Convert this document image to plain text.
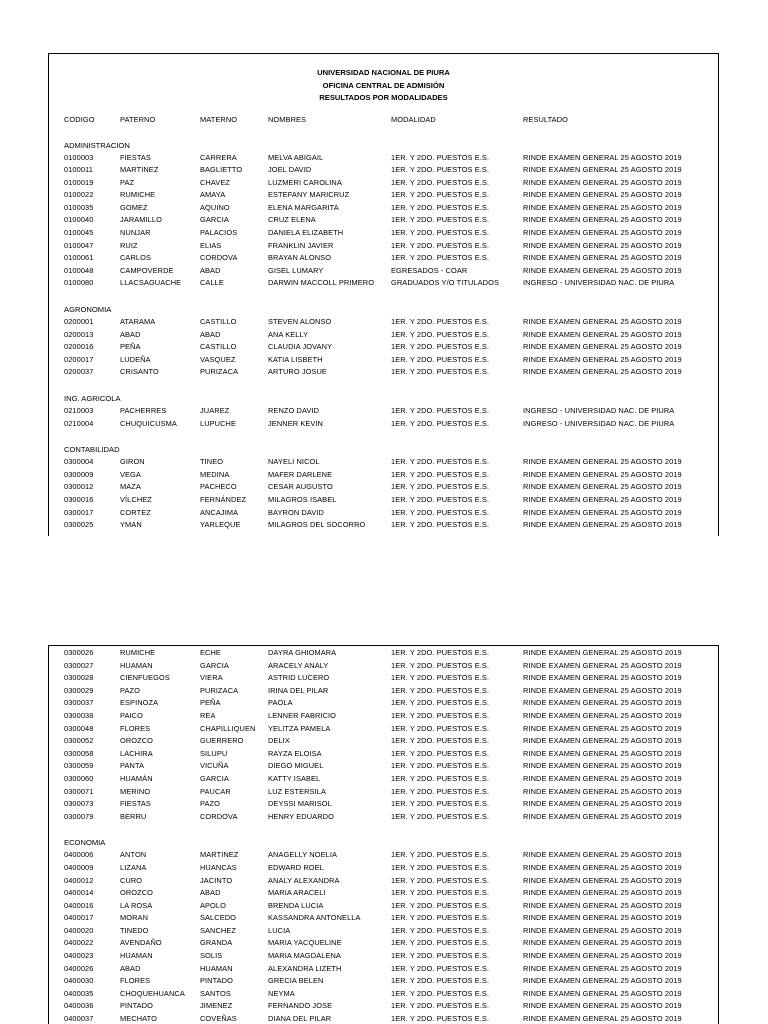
UNIVERSIDAD NACIONAL DE PIURA
OFICINA CENTRAL DE ADMISIÓN
RESULTADOS POR MODALIDADES
CODIGO	PATERNO	MATERNO	NOMBRES	MODALIDAD	RESULTADO
ADMINISTRACION
0100003	FIESTAS	CARRERA	MELVA ABIGAIL	1ER. Y 2DO. PUESTOS E.S.	RINDE EXAMEN GENERAL 25 AGOSTO 2019
0100011	MARTINEZ	BAGLIETTO	JOEL DAVID	1ER. Y 2DO. PUESTOS E.S.	RINDE EXAMEN GENERAL 25 AGOSTO 2019
0100019	PAZ	CHAVEZ	LUZMERI CAROLINA	1ER. Y 2DO. PUESTOS E.S.	RINDE EXAMEN GENERAL 25 AGOSTO 2019
0100022	RUMICHE	AMAYA	ESTEFANY MARICRUZ	1ER. Y 2DO. PUESTOS E.S.	RINDE EXAMEN GENERAL 25 AGOSTO 2019
0100035	GOMEZ	AQUINO	ELENA MARGARITA	1ER. Y 2DO. PUESTOS E.S.	RINDE EXAMEN GENERAL 25 AGOSTO 2019
0100040	JARAMILLO	GARCIA	CRUZ ELENA	1ER. Y 2DO. PUESTOS E.S.	RINDE EXAMEN GENERAL 25 AGOSTO 2019
0100045	NUNJAR	PALACIOS	DANIELA ELIZABETH	1ER. Y 2DO. PUESTOS E.S.	RINDE EXAMEN GENERAL 25 AGOSTO 2019
0100047	RUIZ	ELIAS	FRANKLIN JAVIER	1ER. Y 2DO. PUESTOS E.S.	RINDE EXAMEN GENERAL 25 AGOSTO 2019
0100061	CARLOS	CORDOVA	BRAYAN ALONSO	1ER. Y 2DO. PUESTOS E.S.	RINDE EXAMEN GENERAL 25 AGOSTO 2019
0100048	CAMPOVERDE	ABAD	GISEL LUMARY	EGRESADOS - COAR	RINDE EXAMEN GENERAL 25 AGOSTO 2019
0100080	LLACSAGUACHE	CALLE	DARWIN MACCOLL PRIMERO	GRADUADOS Y/O TITULADOS	INGRESO - UNIVERSIDAD NAC. DE PIURA
AGRONOMIA
0200001	ATARAMA	CASTILLO	STEVEN ALONSO	1ER. Y 2DO. PUESTOS E.S.	RINDE EXAMEN GENERAL 25 AGOSTO 2019
0200013	ABAD	ABAD	ANA KELLY	1ER. Y 2DO. PUESTOS E.S.	RINDE EXAMEN GENERAL 25 AGOSTO 2019
0200016	PEÑA	CASTILLO	CLAUDIA JOVANY	1ER. Y 2DO. PUESTOS E.S.	RINDE EXAMEN GENERAL 25 AGOSTO 2019
0200017	LUDEÑA	VASQUEZ	KATIA LISBETH	1ER. Y 2DO. PUESTOS E.S.	RINDE EXAMEN GENERAL 25 AGOSTO 2019
0200037	CRISANTO	PURIZACA	ARTURO JOSUE	1ER. Y 2DO. PUESTOS E.S.	RINDE EXAMEN GENERAL 25 AGOSTO 2019
ING. AGRICOLA
0210003	PACHERRES	JUAREZ	RENZO DAVID	1ER. Y 2DO. PUESTOS E.S.	INGRESO - UNIVERSIDAD NAC. DE PIURA
0210004	CHUQUICUSMA	LUPUCHE	JENNER KEVIN	1ER. Y 2DO. PUESTOS E.S.	INGRESO - UNIVERSIDAD NAC. DE PIURA
CONTABILIDAD
0300004	GIRON	TINEO	NAYELI NICOL	1ER. Y 2DO. PUESTOS E.S.	RINDE EXAMEN GENERAL 25 AGOSTO 2019
0300009	VEGA	MEDINA	MAFER DARLENE	1ER. Y 2DO. PUESTOS E.S.	RINDE EXAMEN GENERAL 25 AGOSTO 2019
0300012	MAZA	PACHECO	CESAR AUGUSTO	1ER. Y 2DO. PUESTOS E.S.	RINDE EXAMEN GENERAL 25 AGOSTO 2019
0300016	VÍLCHEZ	FERNÁNDEZ	MILAGROS ISABEL	1ER. Y 2DO. PUESTOS E.S.	RINDE EXAMEN GENERAL 25 AGOSTO 2019
0300017	CORTEZ	ANCAJIMA	BAYRON DAVID	1ER. Y 2DO. PUESTOS E.S.	RINDE EXAMEN GENERAL 25 AGOSTO 2019
0300025	YMAN	YARLEQUE	MILAGROS DEL SOCORRO	1ER. Y 2DO. PUESTOS E.S.	RINDE EXAMEN GENERAL 25 AGOSTO 2019
0300026	RUMICHE	ECHE	DAYRA GHIOMARA	1ER. Y 2DO. PUESTOS E.S.	RINDE EXAMEN GENERAL 25 AGOSTO 2019
0300027	HUAMAN	GARCIA	ARACELY ANALY	1ER. Y 2DO. PUESTOS E.S.	RINDE EXAMEN GENERAL 25 AGOSTO 2019
0300028	CIENFUEGOS	VIERA	ASTRID LUCERO	1ER. Y 2DO. PUESTOS E.S.	RINDE EXAMEN GENERAL 25 AGOSTO 2019
0300029	PAZO	PURIZACA	IRINA DEL PILAR	1ER. Y 2DO. PUESTOS E.S.	RINDE EXAMEN GENERAL 25 AGOSTO 2019
0300037	ESPINOZA	PEÑA	PAOLA	1ER. Y 2DO. PUESTOS E.S.	RINDE EXAMEN GENERAL 25 AGOSTO 2019
0300038	PAICO	REA	LENNER FABRICIO	1ER. Y 2DO. PUESTOS E.S.	RINDE EXAMEN GENERAL 25 AGOSTO 2019
0300048	FLORES	CHAPILLIQUEN	YELITZA PAMELA	1ER. Y 2DO. PUESTOS E.S.	RINDE EXAMEN GENERAL 25 AGOSTO 2019
0300052	OROZCO	GUERRERO	DELIX	1ER. Y 2DO. PUESTOS E.S.	RINDE EXAMEN GENERAL 25 AGOSTO 2019
0300058	LACHIRA	SILUPU	RAYZA ELOISA	1ER. Y 2DO. PUESTOS E.S.	RINDE EXAMEN GENERAL 25 AGOSTO 2019
0300059	PANTA	VICUÑA	DIEGO MIGUEL	1ER. Y 2DO. PUESTOS E.S.	RINDE EXAMEN GENERAL 25 AGOSTO 2019
0300060	HUAMÁN	GARCIA	KATTY ISABEL	1ER. Y 2DO. PUESTOS E.S.	RINDE EXAMEN GENERAL 25 AGOSTO 2019
0300071	MERINO	PAUCAR	LUZ ESTERSILA	1ER. Y 2DO. PUESTOS E.S.	RINDE EXAMEN GENERAL 25 AGOSTO 2019
0300073	FIESTAS	PAZO	DEYSSI MARISOL	1ER. Y 2DO. PUESTOS E.S.	RINDE EXAMEN GENERAL 25 AGOSTO 2019
0300079	BERRU	CORDOVA	HENRY EDUARDO	1ER. Y 2DO. PUESTOS E.S.	RINDE EXAMEN GENERAL 25 AGOSTO 2019
ECONOMIA
0400006	ANTON	MARTINEZ	ANAGELLY NOELIA	1ER. Y 2DO. PUESTOS E.S.	RINDE EXAMEN GENERAL 25 AGOSTO 2019
0400009	LIZANA	HUANCAS	EDWARD ROEL	1ER. Y 2DO. PUESTOS E.S.	RINDE EXAMEN GENERAL 25 AGOSTO 2019
0400012	CURO	JACINTO	ANALY ALEXANDRA	1ER. Y 2DO. PUESTOS E.S.	RINDE EXAMEN GENERAL 25 AGOSTO 2019
0400014	OROZCO	ABAD	MARIA ARACELI	1ER. Y 2DO. PUESTOS E.S.	RINDE EXAMEN GENERAL 25 AGOSTO 2019
0400016	LA ROSA	APOLO	BRENDA LUCIA	1ER. Y 2DO. PUESTOS E.S.	RINDE EXAMEN GENERAL 25 AGOSTO 2019
0400017	MORAN	SALCEDO	KASSANDRA ANTONELLA	1ER. Y 2DO. PUESTOS E.S.	RINDE EXAMEN GENERAL 25 AGOSTO 2019
0400020	TINEDO	SANCHEZ	LUCIA	1ER. Y 2DO. PUESTOS E.S.	RINDE EXAMEN GENERAL 25 AGOSTO 2019
0400022	AVENDAÑO	GRANDA	MARIA YACQUELINE	1ER. Y 2DO. PUESTOS E.S.	RINDE EXAMEN GENERAL 25 AGOSTO 2019
0400023	HUAMAN	SOLIS	MARIA MAGDALENA	1ER. Y 2DO. PUESTOS E.S.	RINDE EXAMEN GENERAL 25 AGOSTO 2019
0400026	ABAD	HUAMAN	ALEXANDRA LIZETH	1ER. Y 2DO. PUESTOS E.S.	RINDE EXAMEN GENERAL 25 AGOSTO 2019
0400030	FLORES	PINTADO	GRECIA BELEN	1ER. Y 2DO. PUESTOS E.S.	RINDE EXAMEN GENERAL 25 AGOSTO 2019
0400035	CHOQUEHUANCA	SANTOS	NEYMA	1ER. Y 2DO. PUESTOS E.S.	RINDE EXAMEN GENERAL 25 AGOSTO 2019
0400036	PINTADO	JIMENEZ	FERNANDO JOSE	1ER. Y 2DO. PUESTOS E.S.	RINDE EXAMEN GENERAL 25 AGOSTO 2019
0400037	MECHATO	COVEÑAS	DIANA DEL PILAR	1ER. Y 2DO. PUESTOS E.S.	RINDE EXAMEN GENERAL 25 AGOSTO 2019
